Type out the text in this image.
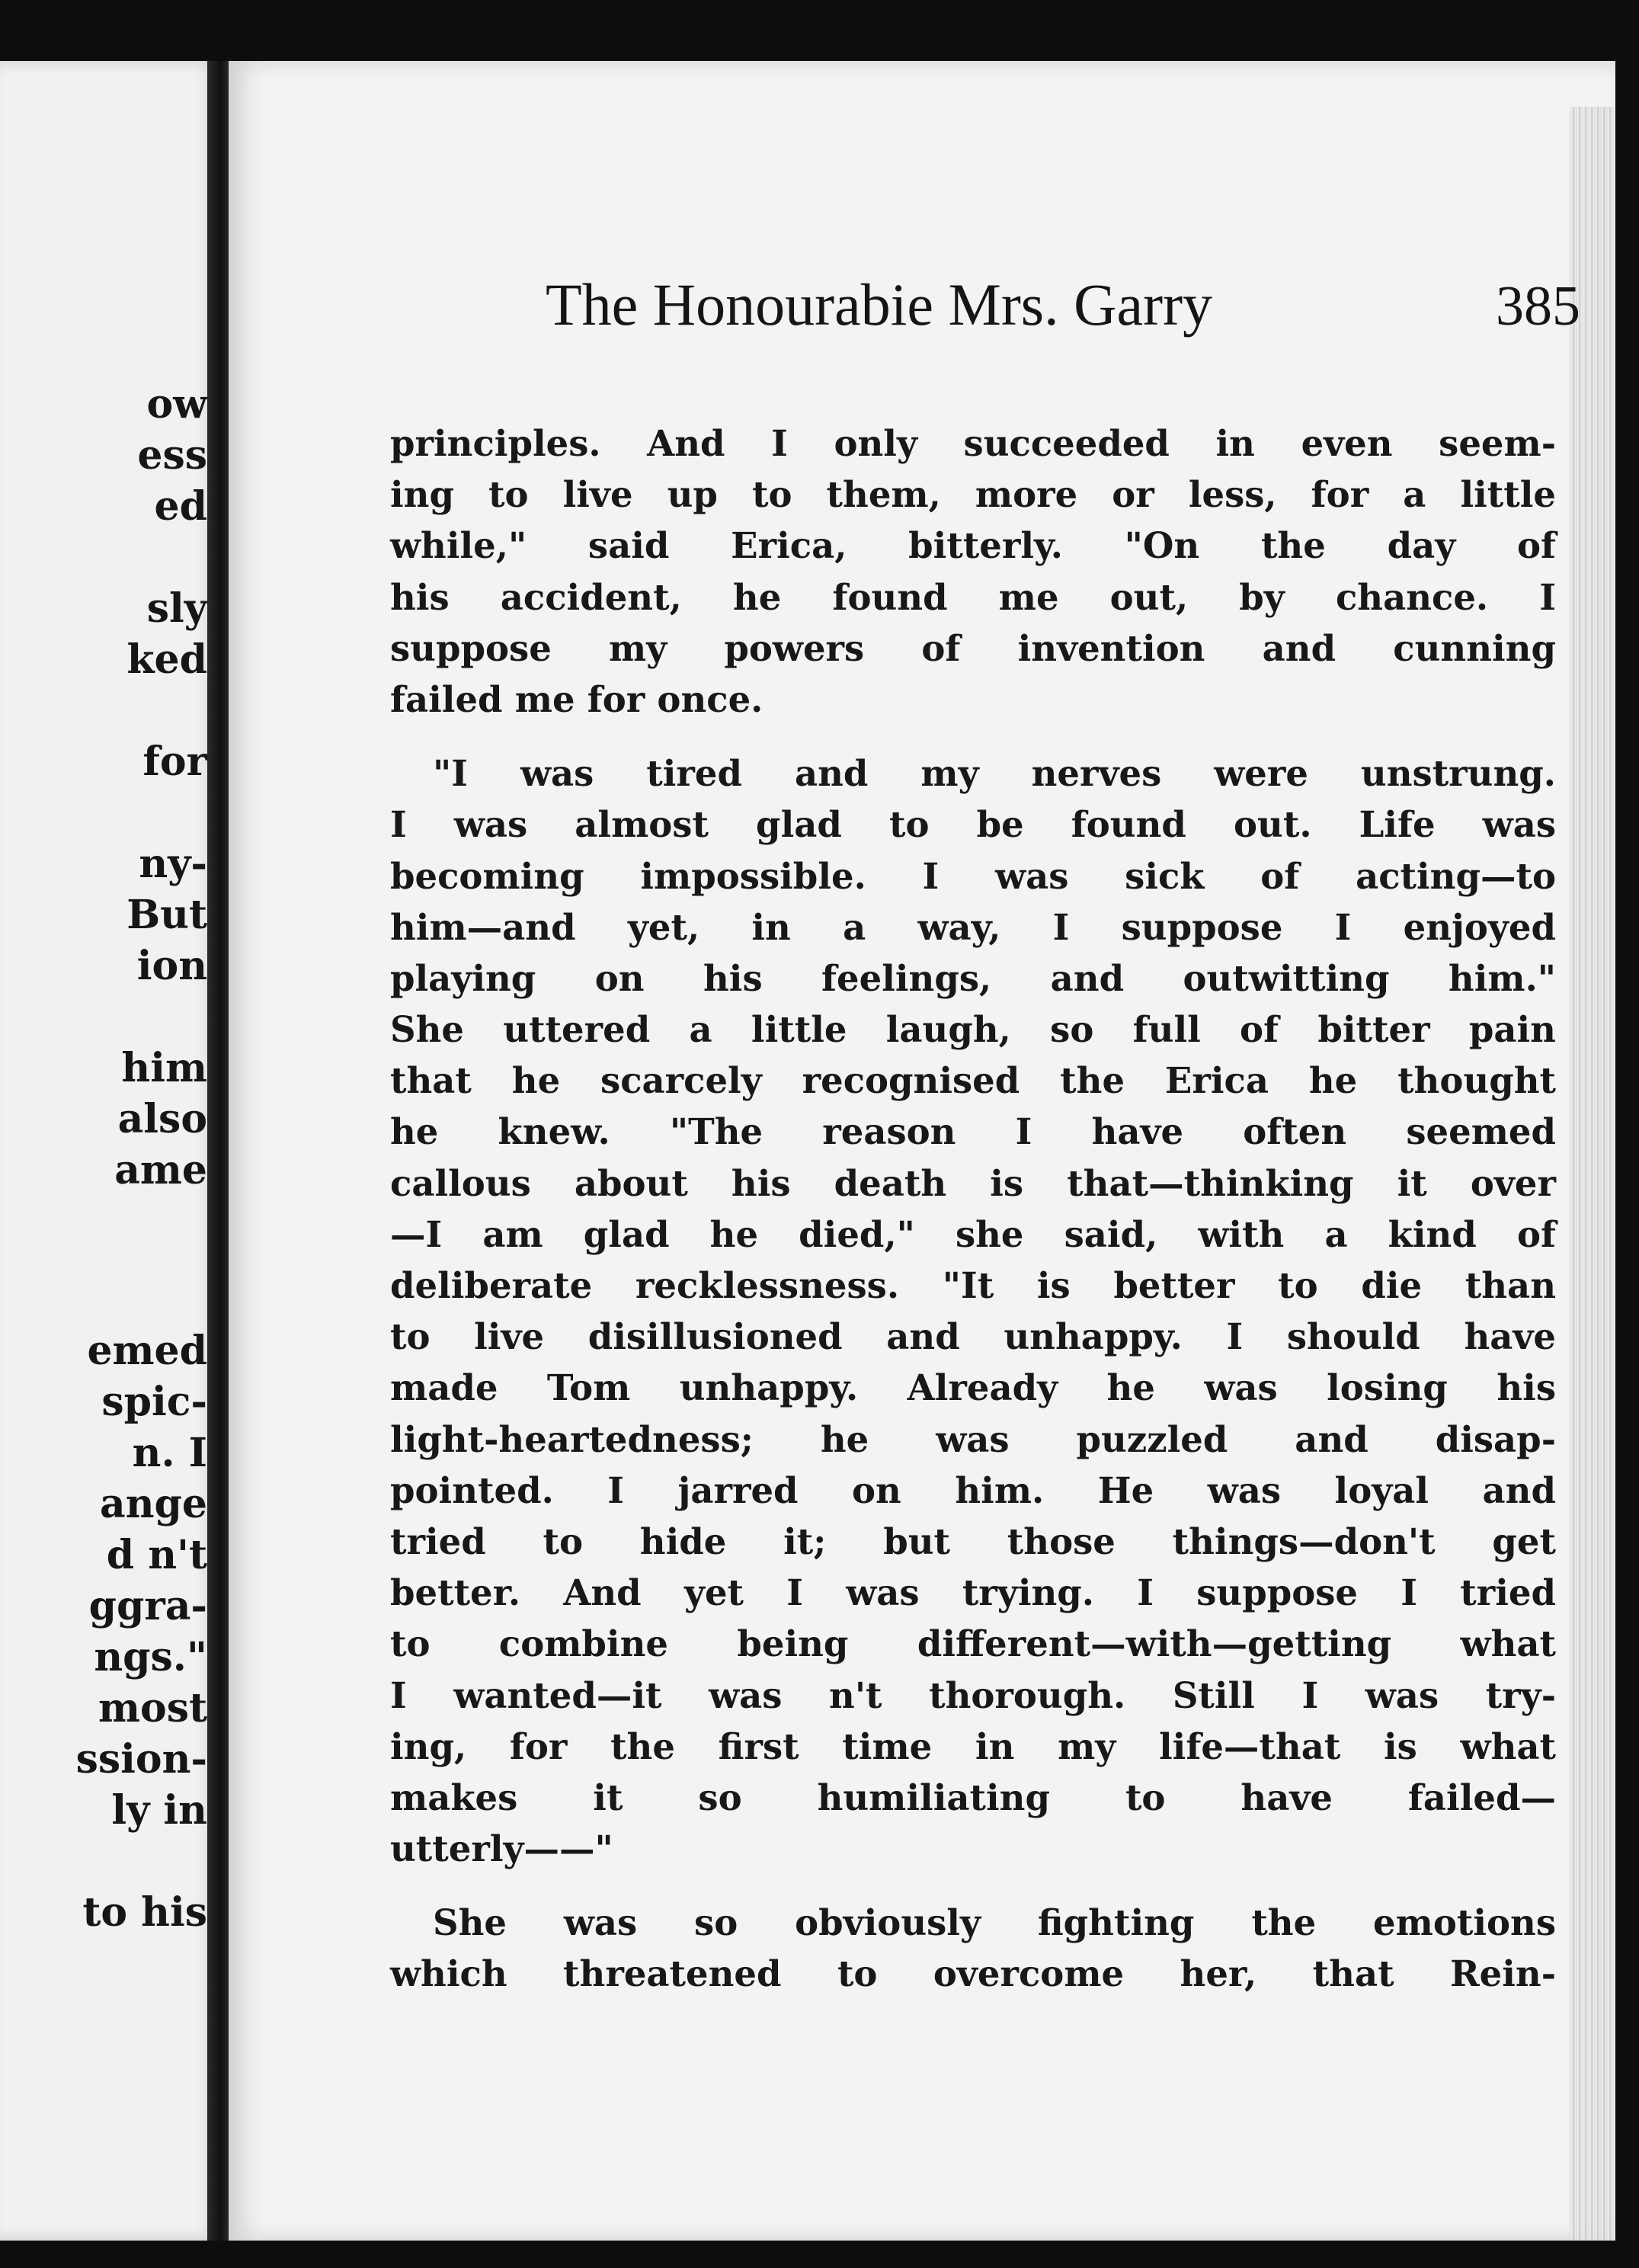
ow
ess
ed
sly
ked
for
ny-
But
ion
him
also
ame
emed
spic-
n. I
ange
d n't
ggra-
ngs."
most
ssion-
ly in
to his
The Honourabie Mrs. Garry	385
principles. And I only succeeded in even seem-
ing to live up to them, more or less, for a little
while," said Erica, bitterly. "On the day of
his accident, he found me out, by chance. I
suppose my powers of invention and cunning
failed me for once.
"I was tired and my nerves were unstrung.
I was almost glad to be found out. Life was
becoming impossible. I was sick of acting—to
him—and yet, in a way, I suppose I enjoyed
playing on his feelings, and outwitting him."
She uttered a little laugh, so full of bitter pain
that he scarcely recognised the Erica he thought
he knew. "The reason I have often seemed
callous about his death is that—thinking it over
—I am glad he died," she said, with a kind of
deliberate recklessness. "It is better to die than
to live disillusioned and unhappy. I should have
made Tom unhappy. Already he was losing his
light-heartedness; he was puzzled and disap-
pointed. I jarred on him. He was loyal and
tried to hide it; but those things—don't get
better. And yet I was trying. I suppose I tried
to combine being different—with—getting what
I wanted—it was n't thorough. Still I was try-
ing, for the first time in my life—that is what
makes it so humiliating to have failed—
utterly——"
She was so obviously fighting the emotions
which threatened to overcome her, that Rein-
